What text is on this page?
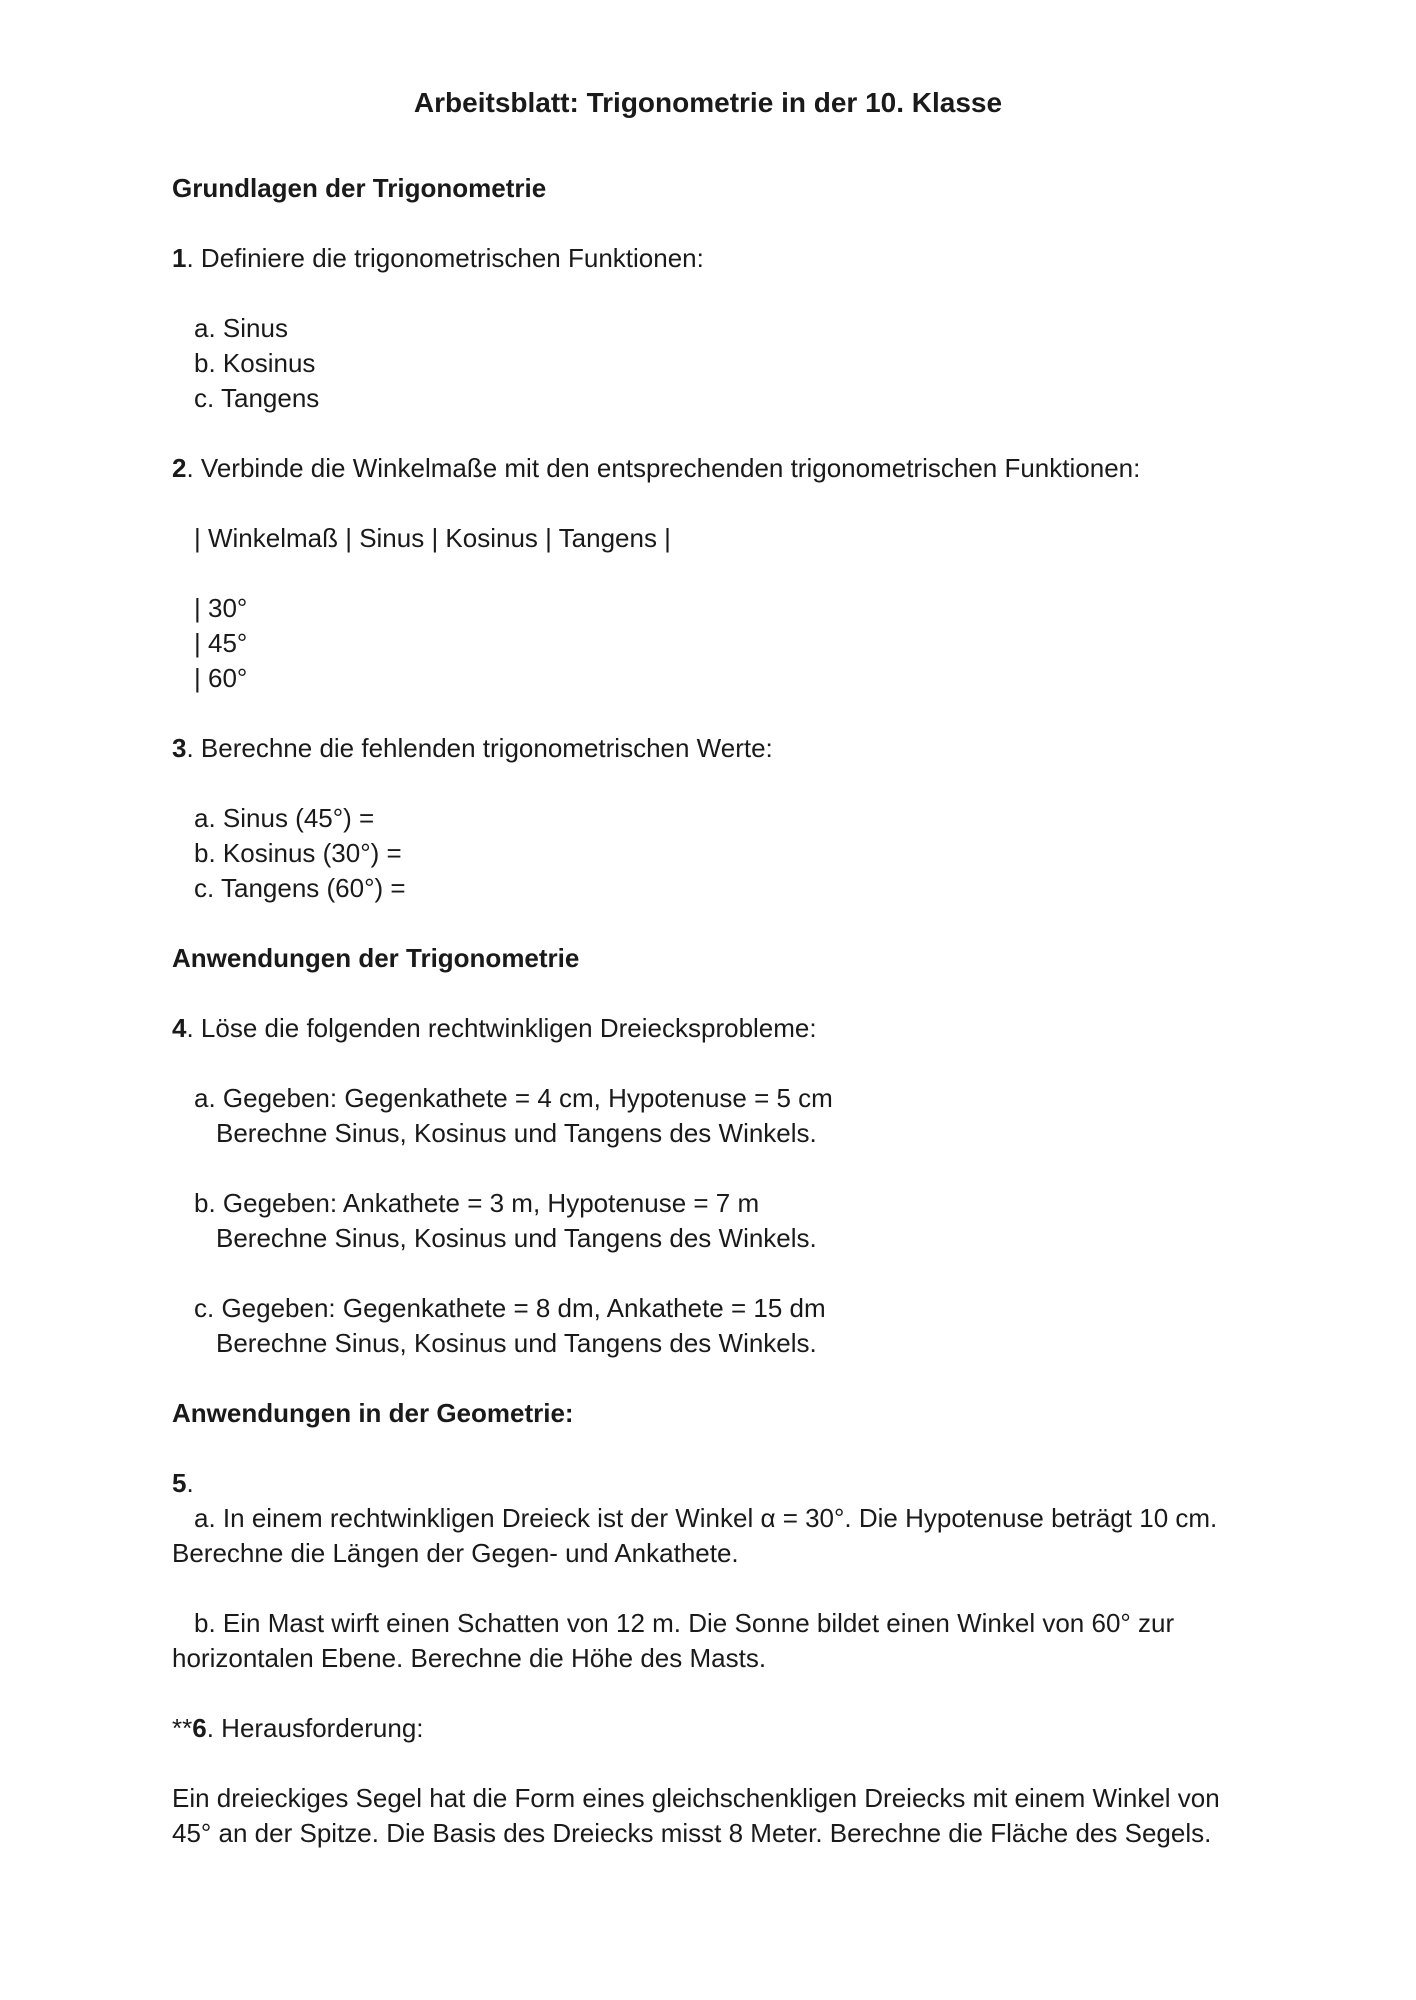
Arbeitsblatt: Trigonometrie in der 10. Klasse
Grundlagen der Trigonometrie
1. Definiere die trigonometrischen Funktionen:
a. Sinus
b. Kosinus
c. Tangens
2. Verbinde die Winkelmaße mit den entsprechenden trigonometrischen Funktionen:
| Winkelmaß | Sinus | Kosinus | Tangens |
| 30°
| 45°
| 60°
3. Berechne die fehlenden trigonometrischen Werte:
a. Sinus (45°) =
b. Kosinus (30°) =
c. Tangens (60°) =
Anwendungen der Trigonometrie
4. Löse die folgenden rechtwinkligen Dreiecksprobleme:
a. Gegeben: Gegenkathete = 4 cm, Hypotenuse = 5 cm
Berechne Sinus, Kosinus und Tangens des Winkels.
b. Gegeben: Ankathete = 3 m, Hypotenuse = 7 m
Berechne Sinus, Kosinus und Tangens des Winkels.
c. Gegeben: Gegenkathete = 8 dm, Ankathete = 15 dm
Berechne Sinus, Kosinus und Tangens des Winkels.
Anwendungen in der Geometrie:
5.
a. In einem rechtwinkligen Dreieck ist der Winkel α = 30°. Die Hypotenuse beträgt 10 cm.
Berechne die Längen der Gegen- und Ankathete.
b. Ein Mast wirft einen Schatten von 12 m. Die Sonne bildet einen Winkel von 60° zur
horizontalen Ebene. Berechne die Höhe des Masts.
**6. Herausforderung:
Ein dreieckiges Segel hat die Form eines gleichschenkligen Dreiecks mit einem Winkel von
45° an der Spitze. Die Basis des Dreiecks misst 8 Meter. Berechne die Fläche des Segels.
